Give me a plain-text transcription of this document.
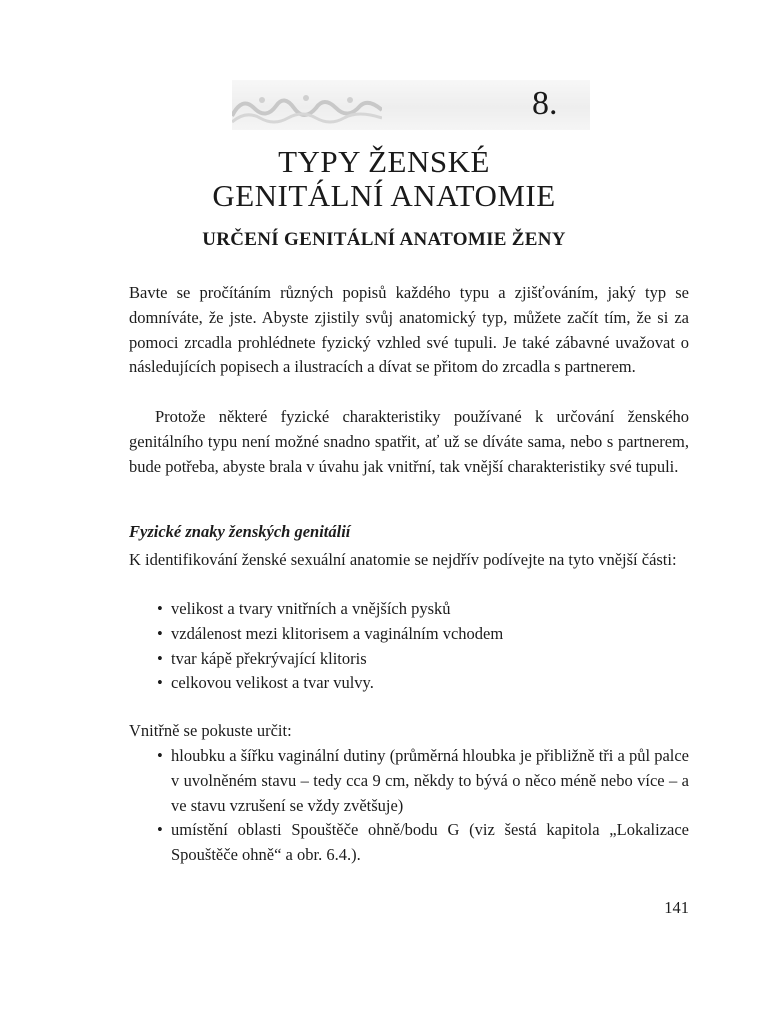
8.
TYPY ŽENSKÉ
GENITÁLNÍ ANATOMIE
URČENÍ GENITÁLNÍ ANATOMIE ŽENY

Bavte se pročítáním různých popisů každého typu a zjišťováním, jaký typ se domníváte, že jste. Abyste zjistily svůj anatomický typ, můžete začít tím, že si za pomoci zrcadla prohlédnete fyzický vzhled své tupuli. Je také zábavné uvažovat o následujících popisech a ilustracích a dívat se přitom do zrcadla s partnerem.

Protože některé fyzické charakteristiky používané k určování ženského genitálního typu není možné snadno spatřit, ať už se díváte sama, nebo s partnerem, bude potřeba, abyste brala v úvahu jak vnitřní, tak vnější charakteristiky své tupuli.

Fyzické znaky ženských genitálií

K identifikování ženské sexuální anatomie se nejdřív podívejte na tyto vnější části:

• velikost a tvary vnitřních a vnějších pysků
• vzdálenost mezi klitorisem a vaginálním vchodem
• tvar kápě překrývající klitoris
• celkovou velikost a tvar vulvy.

Vnitřně se pokuste určit:

• hloubku a šířku vaginální dutiny (průměrná hloubka je přibližně tři a půl palce v uvolněném stavu – tedy cca 9 cm, někdy to bývá o něco méně nebo více – a ve stavu vzrušení se vždy zvětšuje)
• umístění oblasti Spouštěče ohně/bodu G (viz šestá kapitola „Lokalizace Spouštěče ohně“ a obr. 6.4.).
141
